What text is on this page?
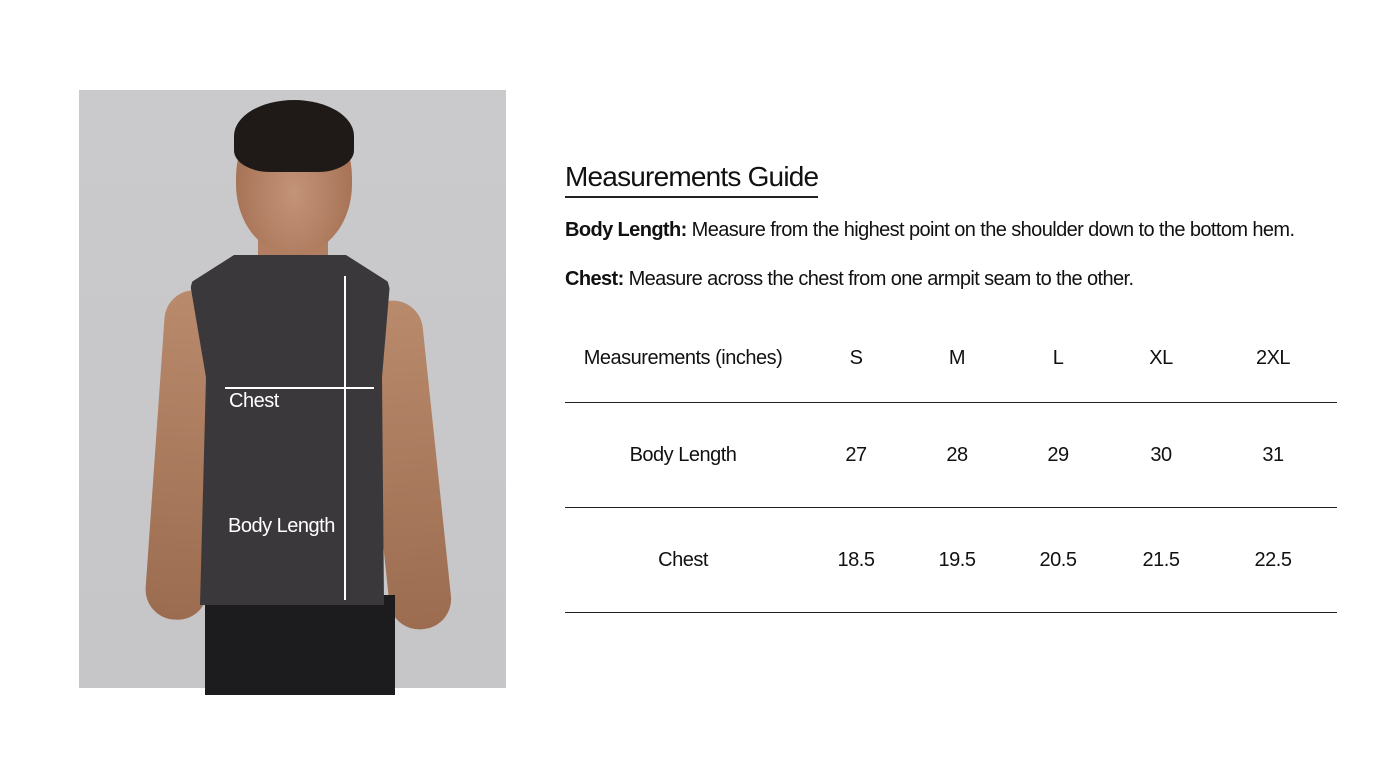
Chest
Body Length
Measurements Guide
Body Length: Measure from the highest point on the shoulder down to the bottom hem.
Chest: Measure across the chest from one armpit seam to the other.
Measurements (inches)	S	M	L	XL	2XL
Body Length	27	28	29	30	31
Chest	18.5	19.5	20.5	21.5	22.5
